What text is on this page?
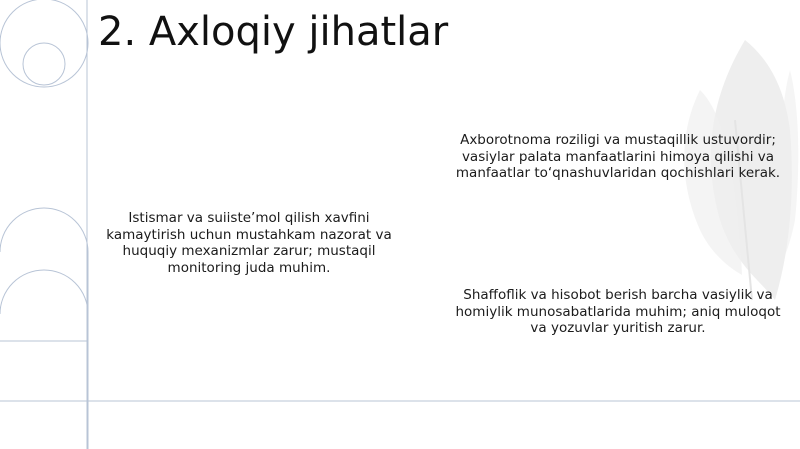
2. Axloqiy jihatlar

Istismar va suiiste’mol qilish xavfini kamaytirish uchun mustahkam nazorat va huquqiy mexanizmlar zarur; mustaqil monitoring juda muhim.

Axborotnoma roziligi va mustaqillik ustuvordir; vasiylar palata manfaatlarini himoya qilishi va manfaatlar to‘qnashuvlaridan qochishlari kerak.

Shaffoflik va hisobot berish barcha vasiylik va homiylik munosabatlarida muhim; aniq muloqot va yozuvlar yuritish zarur.
